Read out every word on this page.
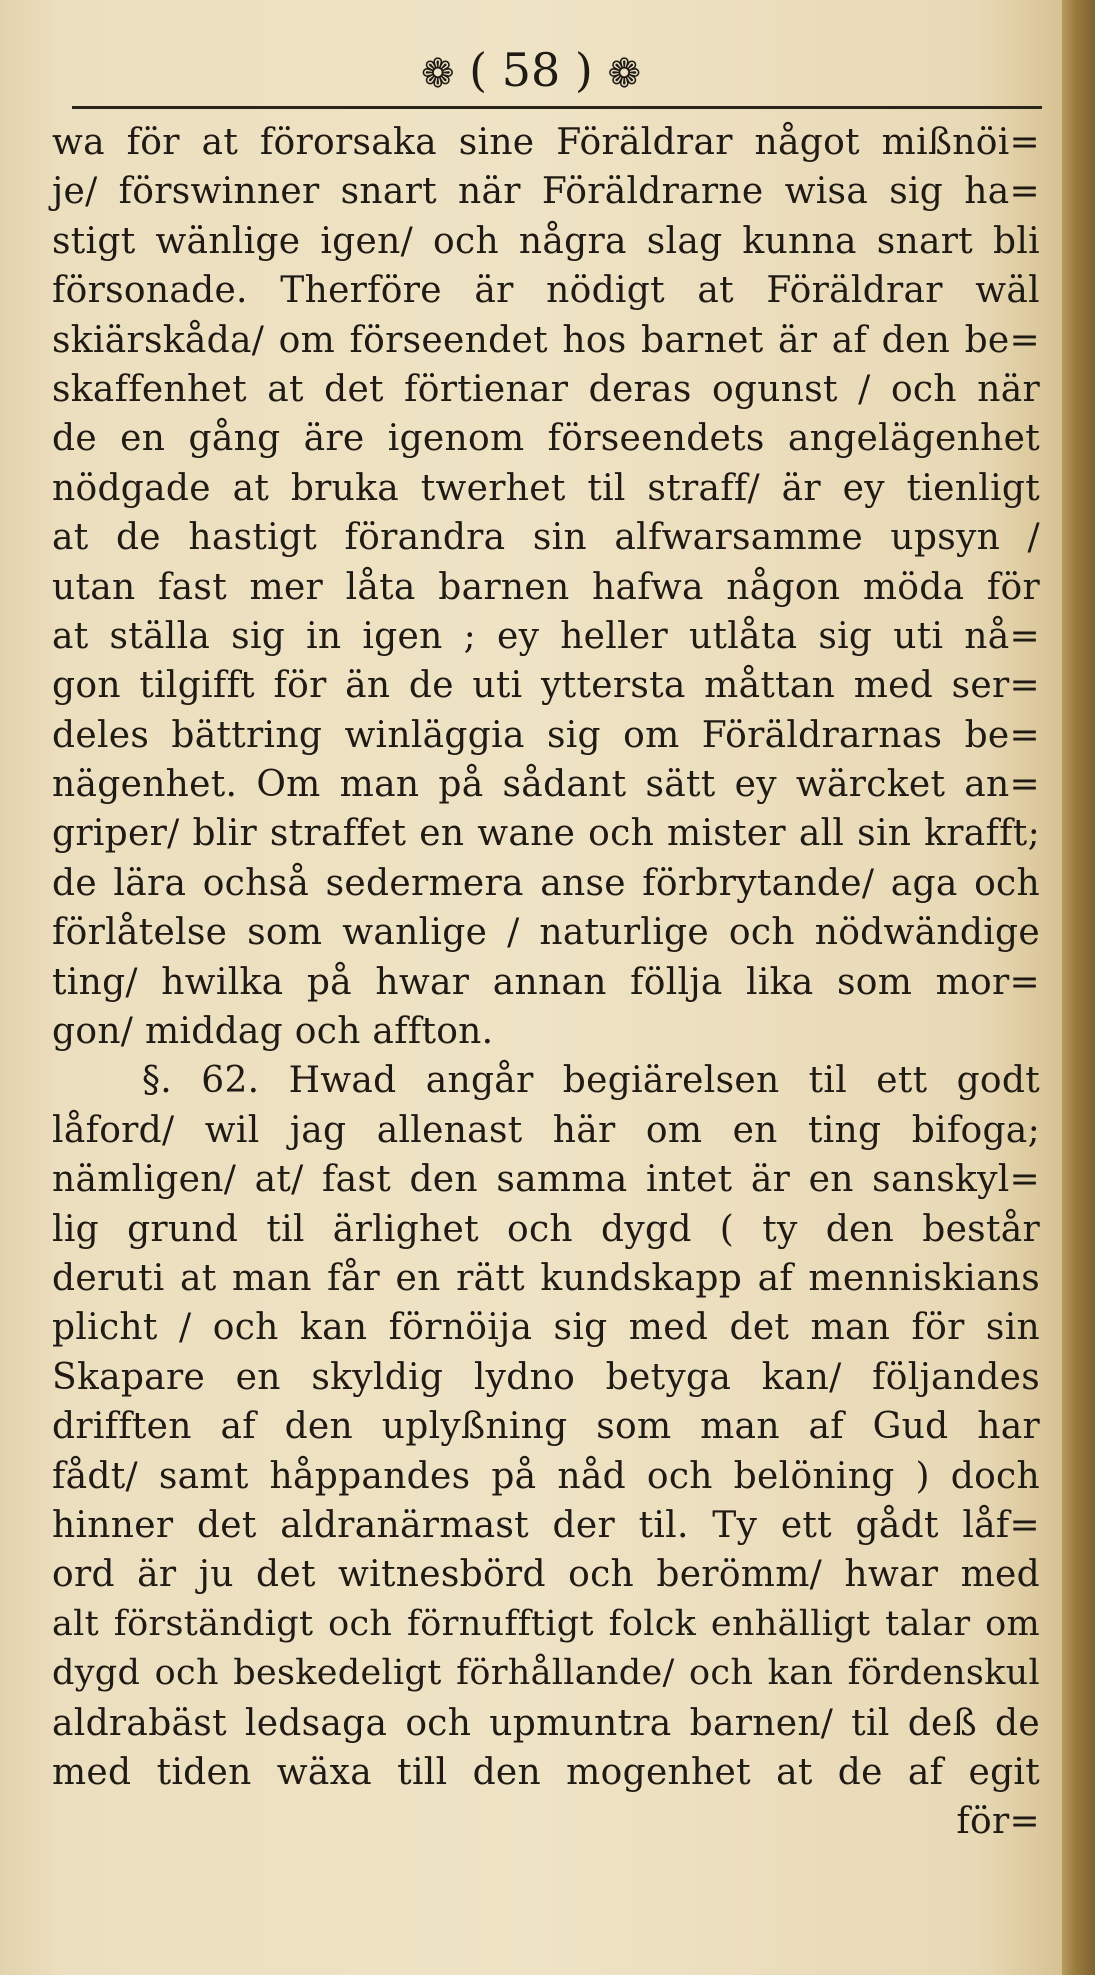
❁ ( 58 ) ❁
wa för at förorsaka sine Föräldrar något mißnöi=
je/ förswinner snart när Föräldrarne wisa sig ha=
stigt wänlige igen/ och några slag kunna snart bli
försonade. Therföre är nödigt at Föräldrar wäl
skiärskåda/ om förseendet hos barnet är af den be=
skaffenhet at det förtienar deras ogunst / och när
de en gång äre igenom förseendets angelägenhet
nödgade at bruka twerhet til straff/ är ey tienligt
at de hastigt förandra sin alfwarsamme upsyn /
utan fast mer låta barnen hafwa någon möda för
at ställa sig in igen ; ey heller utlåta sig uti nå=
gon tilgifft för än de uti yttersta måttan med ser=
deles bättring winläggia sig om Föräldrarnas be=
nägenhet. Om man på sådant sätt ey wärcket an=
griper/ blir straffet en wane och mister all sin krafft;
de lära ochså sedermera anse förbrytande/ aga och
förlåtelse som wanlige / naturlige och nödwändige
ting/ hwilka på hwar annan föllja lika som mor=
gon/ middag och affton.
§. 62. Hwad angår begiärelsen til ett godt
låford/ wil jag allenast här om en ting bifoga;
nämligen/ at/ fast den samma intet är en sanskyl=
lig grund til ärlighet och dygd ( ty den består
deruti at man får en rätt kundskapp af menniskians
plicht / och kan förnöija sig med det man för sin
Skapare en skyldig lydno betyga kan/ följandes
drifften af den uplyßning som man af Gud har
fådt/ samt håppandes på nåd och belöning ) doch
hinner det aldranärmast der til. Ty ett gådt låf=
ord är ju det witnesbörd och berömm/ hwar med
alt förständigt och förnufftigt folck enhälligt talar om
dygd och beskedeligt förhållande/ och kan fördenskul
aldrabäst ledsaga och upmuntra barnen/ til deß de
med tiden wäxa till den mogenhet at de af egit
för=
